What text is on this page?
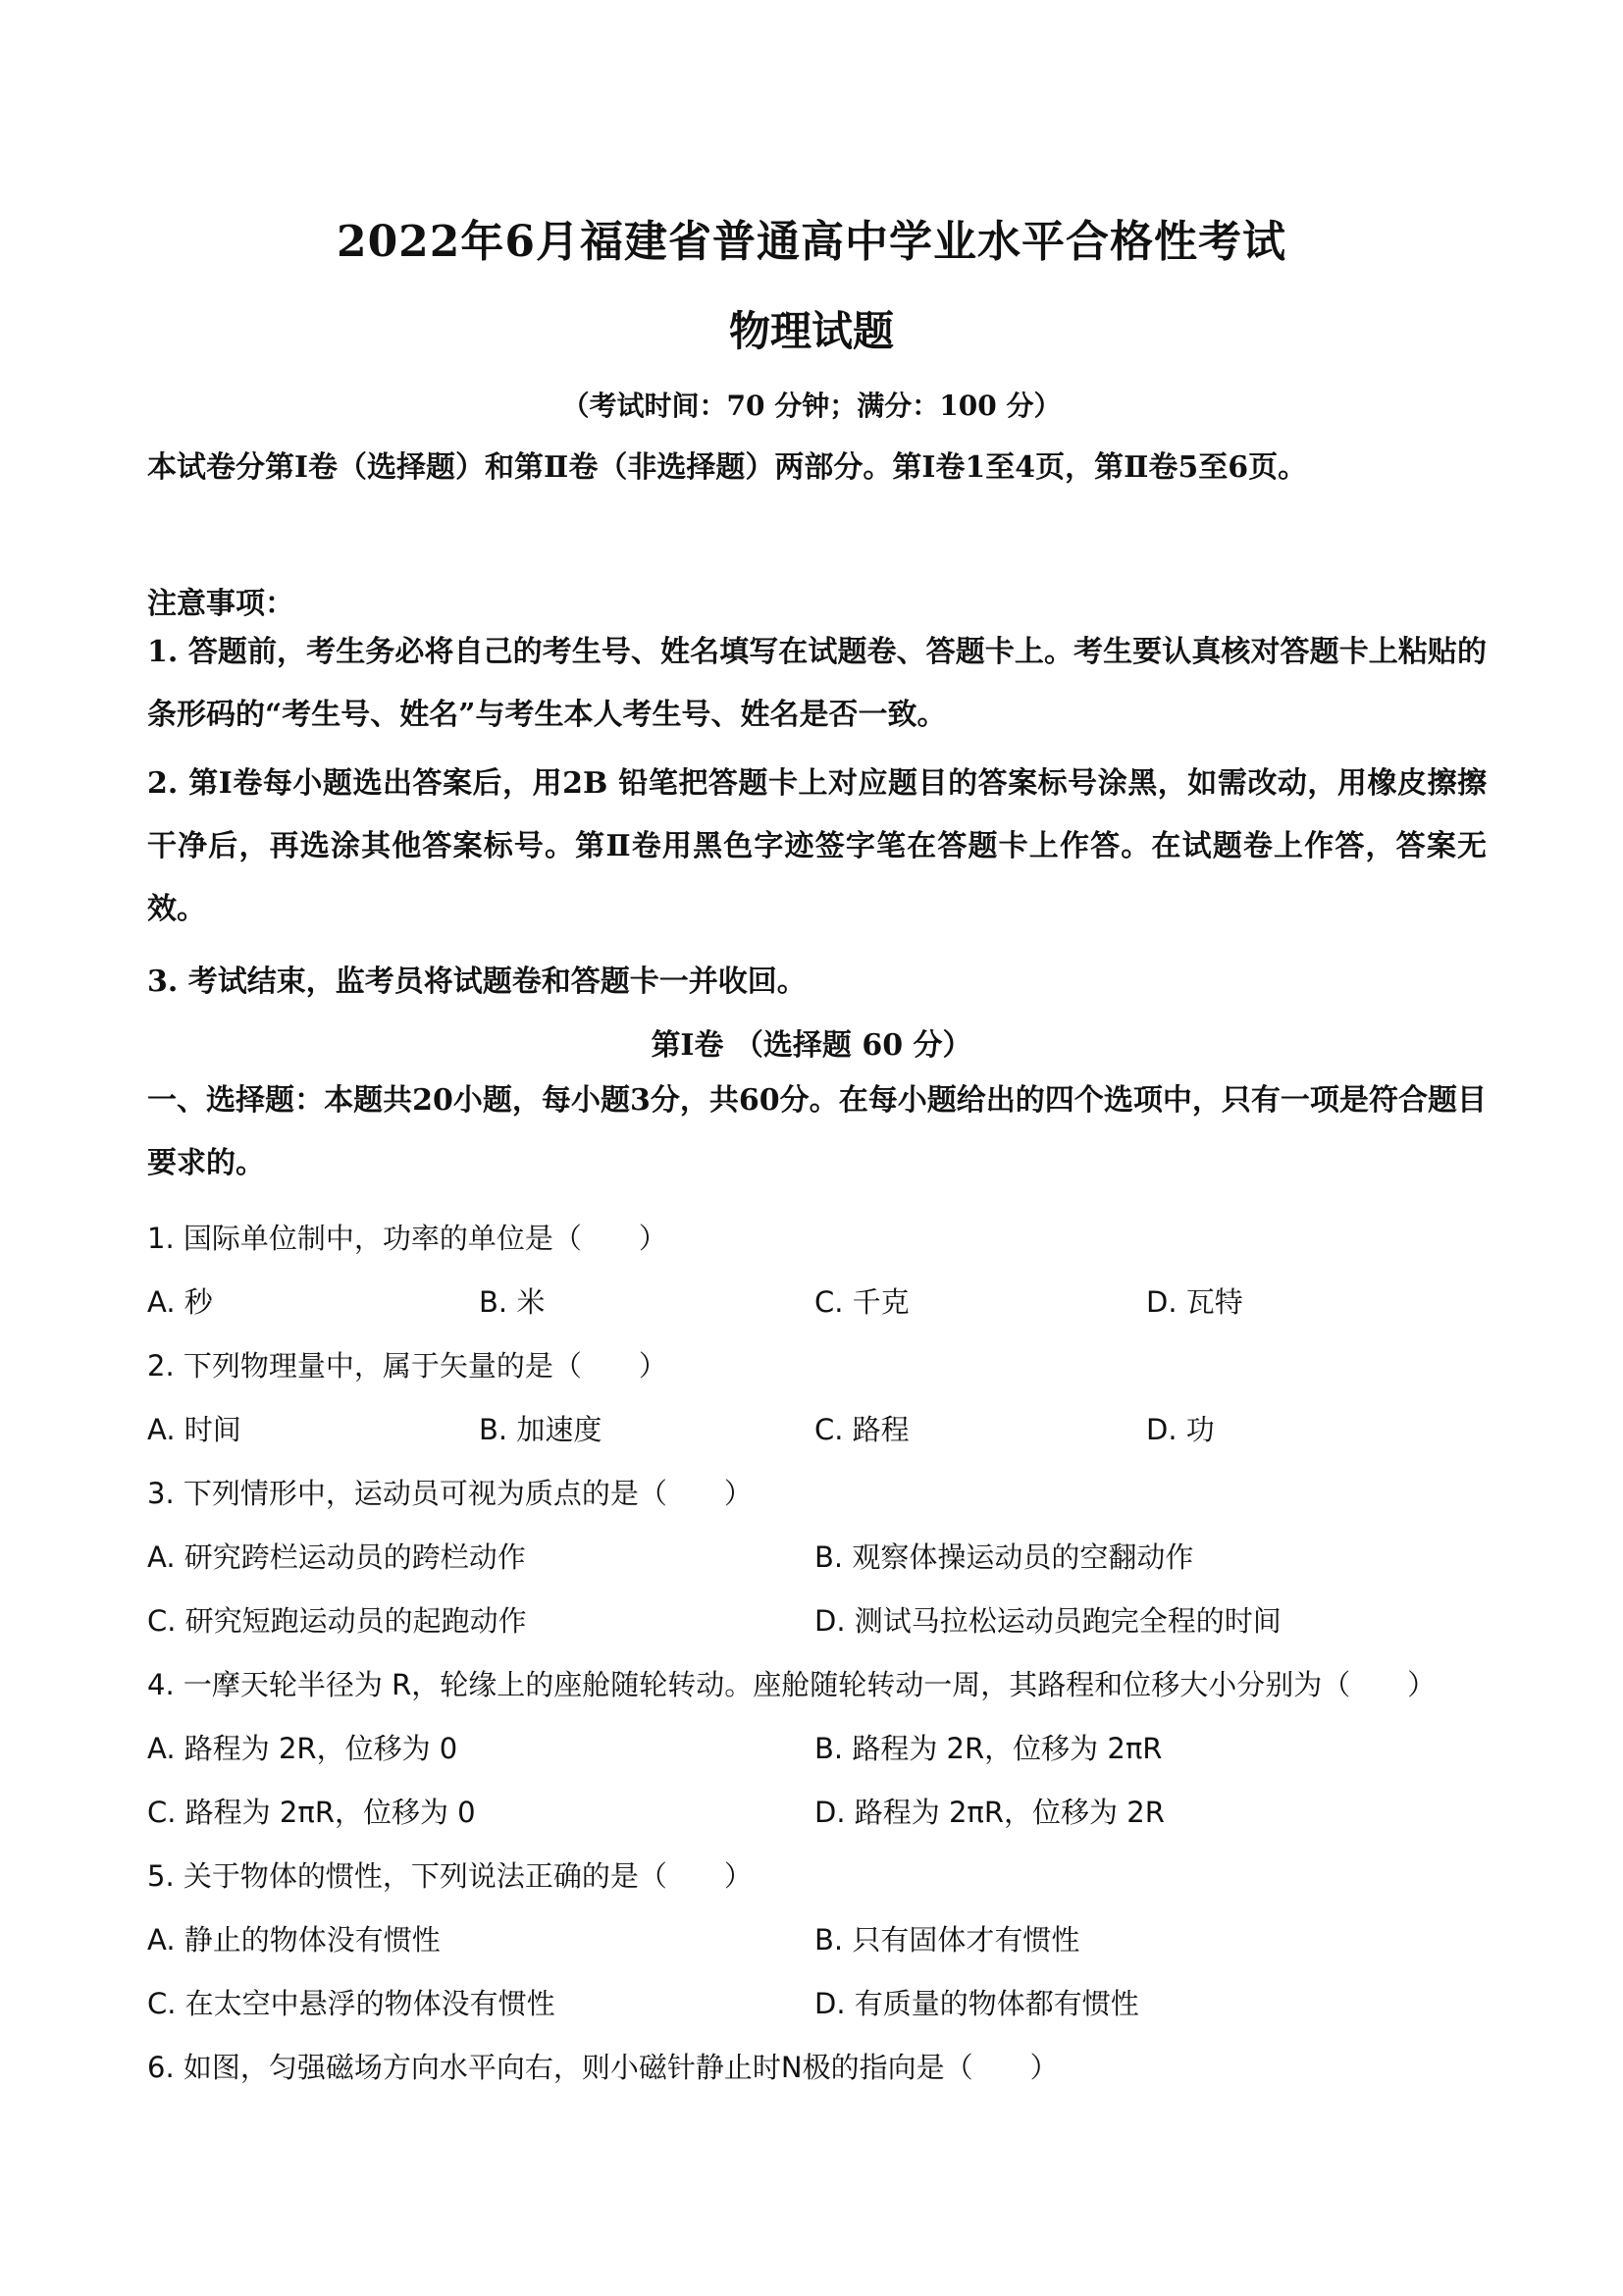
2022年6月福建省普通高中学业水平合格性考试
物理试题
（考试时间：70 分钟；满分：100 分）
本试卷分第Ⅰ卷（选择题）和第Ⅱ卷（非选择题）两部分。第Ⅰ卷1至4页，第Ⅱ卷5至6页。
注意事项：
1. 答题前，考生务必将自己的考生号、姓名填写在试题卷、答题卡上。考生要认真核对答题卡上粘贴的条形码的“考生号、姓名”与考生本人考生号、姓名是否一致。
2. 第Ⅰ卷每小题选出答案后，用2B 铅笔把答题卡上对应题目的答案标号涂黑，如需改动，用橡皮擦擦干净后，再选涂其他答案标号。第Ⅱ卷用黑色字迹签字笔在答题卡上作答。在试题卷上作答，答案无效。
3. 考试结束，监考员将试题卷和答题卡一并收回。
第Ⅰ卷 （选择题 60 分）
一、选择题：本题共20小题，每小题3分，共60分。在每小题给出的四个选项中，只有一项是符合题目要求的。
1. 国际单位制中，功率的单位是（　　）
A. 秒	B. 米	C. 千克	D. 瓦特
2. 下列物理量中，属于矢量的是（　　）
A. 时间	B. 加速度	C. 路程	D. 功
3. 下列情形中，运动员可视为质点的是（　　）
A. 研究跨栏运动员的跨栏动作	B. 观察体操运动员的空翻动作
C. 研究短跑运动员的起跑动作	D. 测试马拉松运动员跑完全程的时间
4. 一摩天轮半径为 R，轮缘上的座舱随轮转动。座舱随轮转动一周，其路程和位移大小分别为（　　）
A. 路程为 2R，位移为 0	B. 路程为 2R，位移为 2πR
C. 路程为 2πR，位移为 0	D. 路程为 2πR，位移为 2R
5. 关于物体的惯性，下列说法正确的是（　　）
A. 静止的物体没有惯性	B. 只有固体才有惯性
C. 在太空中悬浮的物体没有惯性	D. 有质量的物体都有惯性
6. 如图，匀强磁场方向水平向右，则小磁针静止时N极的指向是（　　）
